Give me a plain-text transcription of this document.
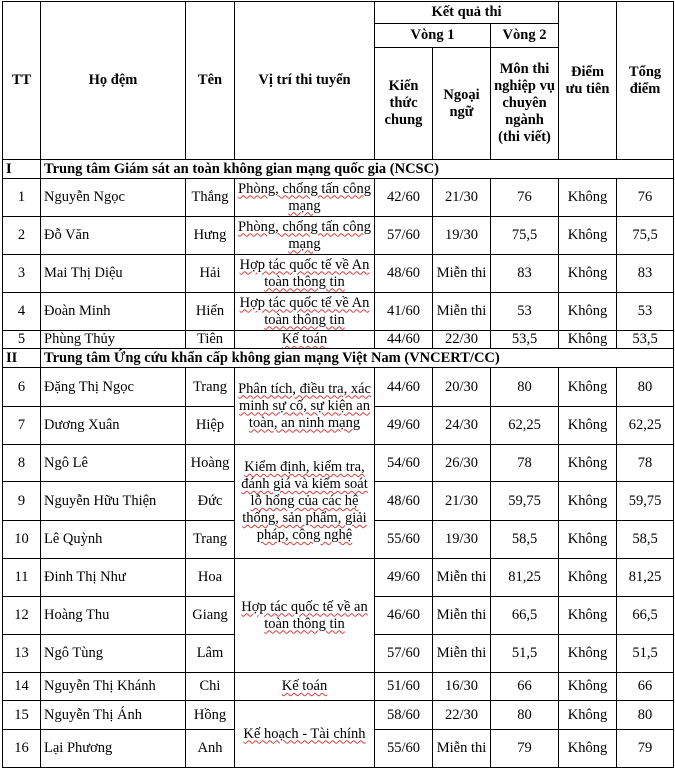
TT	Họ đệm	Tên	Vị trí thi tuyển	Kết quả thi			Điểm ưu tiên	Tổng điểm
				Vòng 1		Vòng 2		
				Kiến thức chung	Ngoại ngữ	Môn thi nghiệp vụ chuyên ngành (thi viết)		
I	Trung tâm Giám sát an toàn không gian mạng quốc gia (NCSC)							
1	Nguyễn Ngọc	Thắng	Phòng, chống tấn công mạng	42/60	21/30	76	Không	76
2	Đỗ Văn	Hưng	Phòng, chống tấn công mạng	57/60	19/30	75,5	Không	75,5
3	Mai Thị Diệu	Hải	Hợp tác quốc tế về An toàn thông tin	48/60	Miễn thi	83	Không	83
4	Đoàn Minh	Hiến	Hợp tác quốc tế về An toàn thông tin	41/60	Miễn thi	53	Không	53
5	Phùng Thủy	Tiên	Kế toán	44/60	22/30	53,5	Không	53,5
II	Trung tâm Ứng cứu khẩn cấp không gian mạng Việt Nam (VNCERT/CC)							
6	Đặng Thị Ngọc	Trang	Phân tích, điều tra, xác minh sự cố, sự kiện an toàn, an ninh mạng	44/60	20/30	80	Không	80
7	Dương Xuân	Hiệp		49/60	24/30	62,25	Không	62,25
8	Ngô Lê	Hoàng	Kiểm định, kiểm tra, đánh giá và kiểm soát lỗ hổng của các hệ thống, sản phẩm, giải pháp, công nghệ	54/60	26/30	78	Không	78
9	Nguyễn Hữu Thiện	Đức		48/60	21/30	59,75	Không	59,75
10	Lê Quỳnh	Trang		55/60	19/30	58,5	Không	58,5
11	Đinh Thị Như	Hoa	Hợp tác quốc tế về an toàn thông tin	49/60	Miễn thi	81,25	Không	81,25
12	Hoàng Thu	Giang		46/60	Miễn thi	66,5	Không	66,5
13	Ngô Tùng	Lâm		57/60	Miễn thi	51,5	Không	51,5
14	Nguyễn Thị Khánh	Chi	Kế toán	51/60	16/30	66	Không	66
15	Nguyễn Thị Ánh	Hồng	Kế hoạch - Tài chính	58/60	22/30	80	Không	80
16	Lại Phương	Anh		55/60	Miễn thi	79	Không	79
